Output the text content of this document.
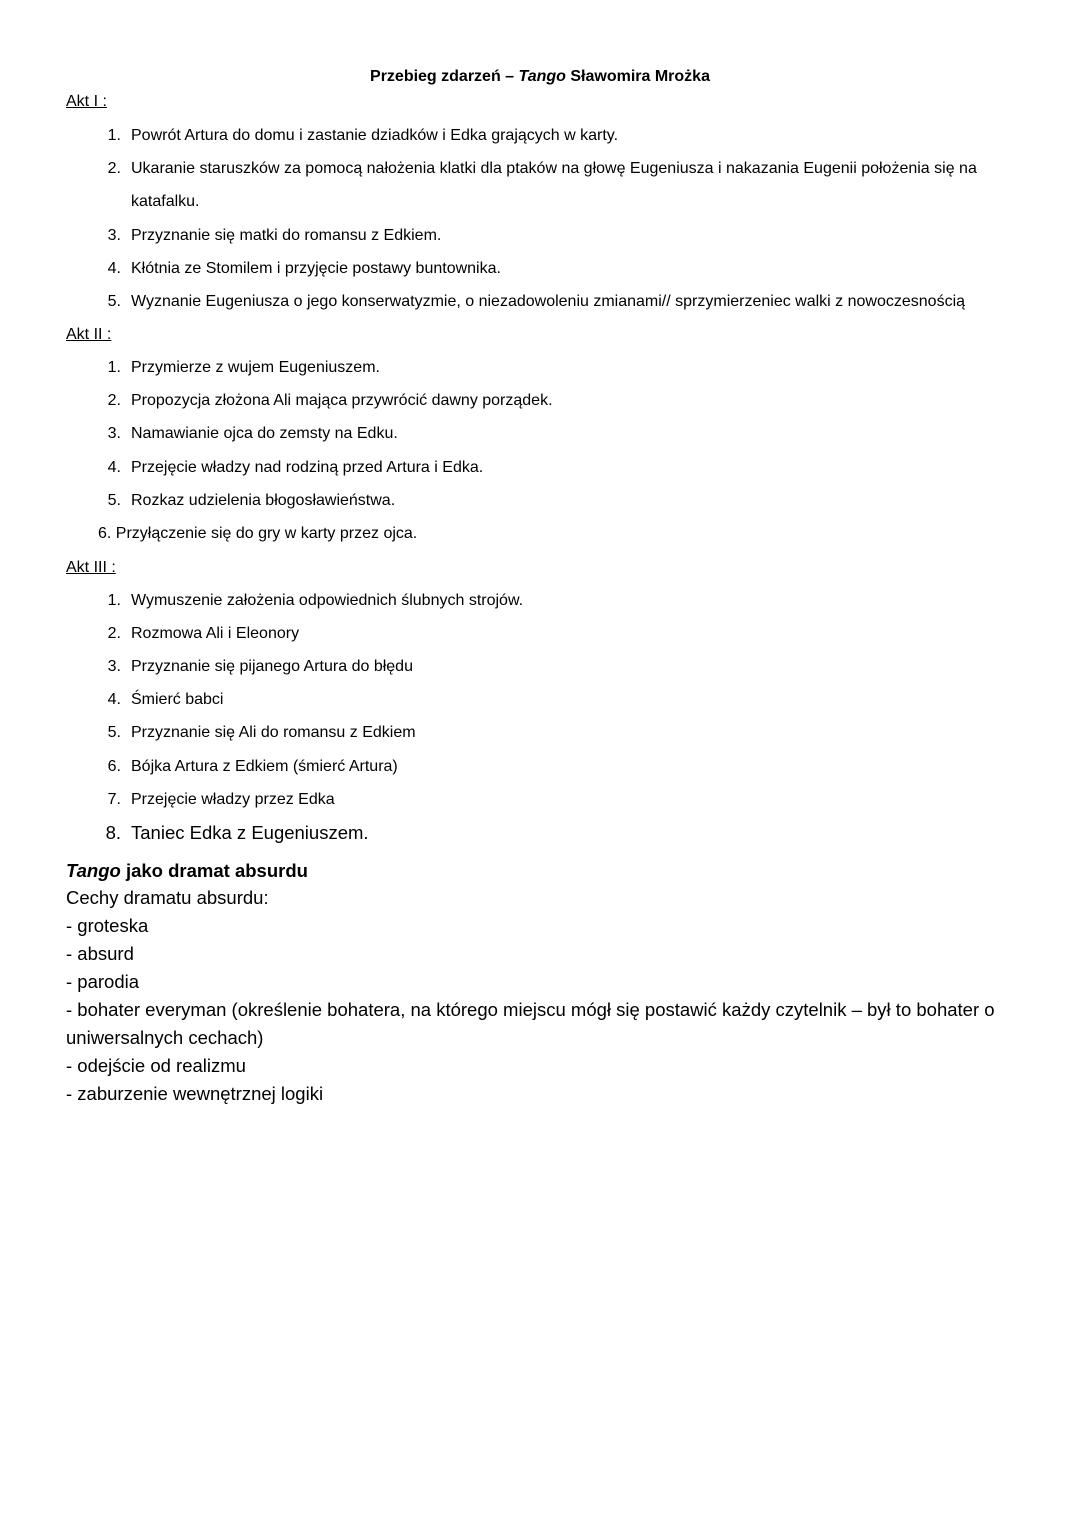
Przebieg zdarzeń – Tango Sławomira Mrożka
Akt I :
1. Powrót Artura do domu i zastanie dziadków i Edka grających w karty.
2. Ukaranie staruszków za pomocą nałożenia klatki dla ptaków na głowę Eugeniusza i nakazania Eugenii położenia się na
katafalku.
3. Przyznanie się matki do romansu z Edkiem.
4. Kłótnia ze Stomilem i przyjęcie postawy buntownika.
5. Wyznanie Eugeniusza o jego konserwatyzmie, o niezadowoleniu zmianami// sprzymierzeniec walki z nowoczesnością
Akt II :
1. Przymierze z wujem Eugeniuszem.
2. Propozycja złożona Ali mająca przywrócić dawny porządek.
3. Namawianie ojca do zemsty na Edku.
4. Przejęcie władzy nad rodziną przed Artura i Edka.
5. Rozkaz udzielenia błogosławieństwa.
6. Przyłączenie się do gry w karty przez ojca.
Akt III :
1. Wymuszenie założenia odpowiednich ślubnych strojów.
2. Rozmowa Ali i Eleonory
3. Przyznanie się pijanego Artura do błędu
4. Śmierć babci
5. Przyznanie się Ali do romansu z Edkiem
6. Bójka Artura z Edkiem (śmierć Artura)
7. Przejęcie władzy przez Edka
8. Taniec Edka z Eugeniuszem.
Tango jako dramat absurdu
Cechy dramatu absurdu:
- groteska
- absurd
- parodia
- bohater everyman (określenie bohatera, na którego miejscu mógł się postawić każdy czytelnik – był to bohater o
uniwersalnych cechach)
- odejście od realizmu
- zaburzenie wewnętrznej logiki
